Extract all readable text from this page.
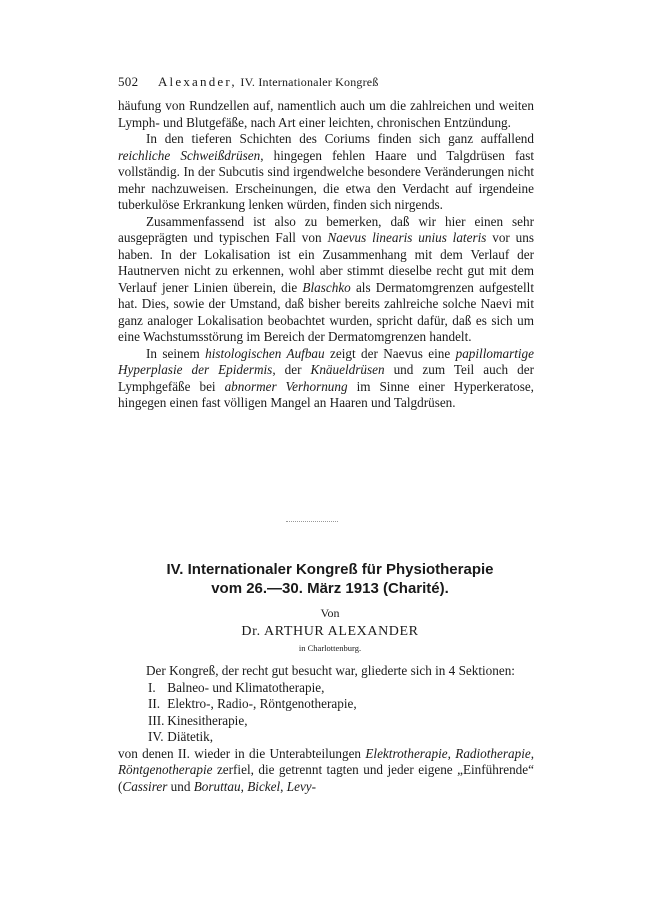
502 Alexander, IV. Internationaler Kongreß

häufung von Rundzellen auf, namentlich auch um die zahlreichen und weiten Lymph- und Blutgefäße, nach Art einer leichten, chronischen Entzündung.

In den tieferen Schichten des Coriums finden sich ganz auffallend reichliche Schweißdrüsen, hingegen fehlen Haare und Talgdrüsen fast vollständig. In der Subcutis sind irgendwelche besondere Veränderungen nicht mehr nachzuweisen. Erscheinungen, die etwa den Verdacht auf irgendeine tuberkulöse Erkrankung lenken würden, finden sich nirgends.

Zusammenfassend ist also zu bemerken, daß wir hier einen sehr ausgeprägten und typischen Fall von Naevus linearis unius lateris vor uns haben. In der Lokalisation ist ein Zusammenhang mit dem Verlauf der Hautnerven nicht zu erkennen, wohl aber stimmt dieselbe recht gut mit dem Verlauf jener Linien überein, die Blaschko als Dermatomgrenzen aufgestellt hat. Dies, sowie der Umstand, daß bisher bereits zahlreiche solche Naevi mit ganz analoger Lokalisation beobachtet wurden, spricht dafür, daß es sich um eine Wachstumsstörung im Bereich der Dermatomgrenzen handelt.

In seinem histologischen Aufbau zeigt der Naevus eine papillomartige Hyperplasie der Epidermis, der Knäueldrüsen und zum Teil auch der Lymphgefäße bei abnormer Verhornung im Sinne einer Hyperkeratose, hingegen einen fast völligen Mangel an Haaren und Talgdrüsen.

IV. Internationaler Kongreß für Physiotherapie
vom 26.—30. März 1913 (Charité).
Von
Dr. ARTHUR ALEXANDER
in Charlottenburg.

Der Kongreß, der recht gut besucht war, gliederte sich in 4 Sektionen:

I. Balneo- und Klimatotherapie,

II. Elektro-, Radio-, Röntgenotherapie,

III. Kinesitherapie,

IV. Diätetik,

von denen II. wieder in die Unterabteilungen Elektrotherapie, Radiotherapie, Röntgenotherapie zerfiel, die getrennt tagten und jeder eigene „Einführende“ (Cassirer und Boruttau, Bickel, Levy-
